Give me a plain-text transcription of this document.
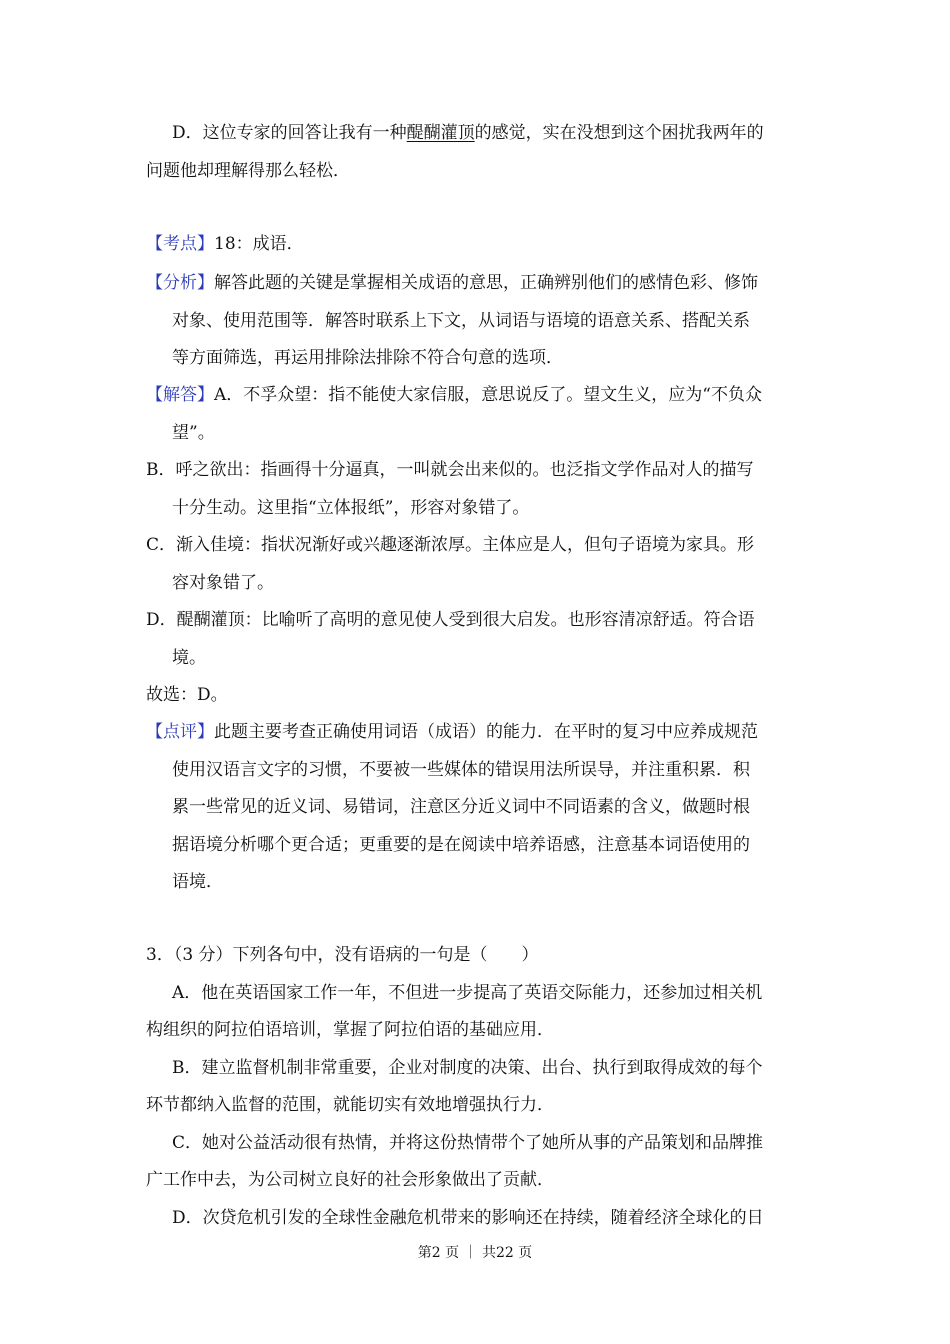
D．这位专家的回答让我有一种醍醐灌顶的感觉，实在没想到这个困扰我两年的
问题他却理解得那么轻松．
【考点】18：成语．
【分析】解答此题的关键是掌握相关成语的意思，正确辨别他们的感情色彩、修饰
对象、使用范围等．解答时联系上下文，从词语与语境的语意关系、搭配关系
等方面筛选，再运用排除法排除不符合句意的选项．
【解答】A．不孚众望：指不能使大家信服，意思说反了。望文生义，应为“不负众
望”。
B．呼之欲出：指画得十分逼真，一叫就会出来似的。也泛指文学作品对人的描写
十分生动。这里指“立体报纸”，形容对象错了。
C．渐入佳境：指状况渐好或兴趣逐渐浓厚。主体应是人，但句子语境为家具。形
容对象错了。
D．醍醐灌顶：比喻听了高明的意见使人受到很大启发。也形容清凉舒适。符合语
境。
故选：D。
【点评】此题主要考查正确使用词语（成语）的能力．在平时的复习中应养成规范
使用汉语言文字的习惯，不要被一些媒体的错误用法所误导，并注重积累．积
累一些常见的近义词、易错词，注意区分近义词中不同语素的含义，做题时根
据语境分析哪个更合适；更重要的是在阅读中培养语感，注意基本词语使用的
语境．
3．（3 分）下列各句中，没有语病的一句是（　　）
A．他在英语国家工作一年，不但进一步提高了英语交际能力，还参加过相关机
构组织的阿拉伯语培训，掌握了阿拉伯语的基础应用．
B．建立监督机制非常重要，企业对制度的决策、出台、执行到取得成效的每个
环节都纳入监督的范围，就能切实有效地增强执行力．
C．她对公益活动很有热情，并将这份热情带个了她所从事的产品策划和品牌推
广工作中去，为公司树立良好的社会形象做出了贡献．
D．次贷危机引发的全球性金融危机带来的影响还在持续，随着经济全球化的日
第2 页 ｜ 共22 页
